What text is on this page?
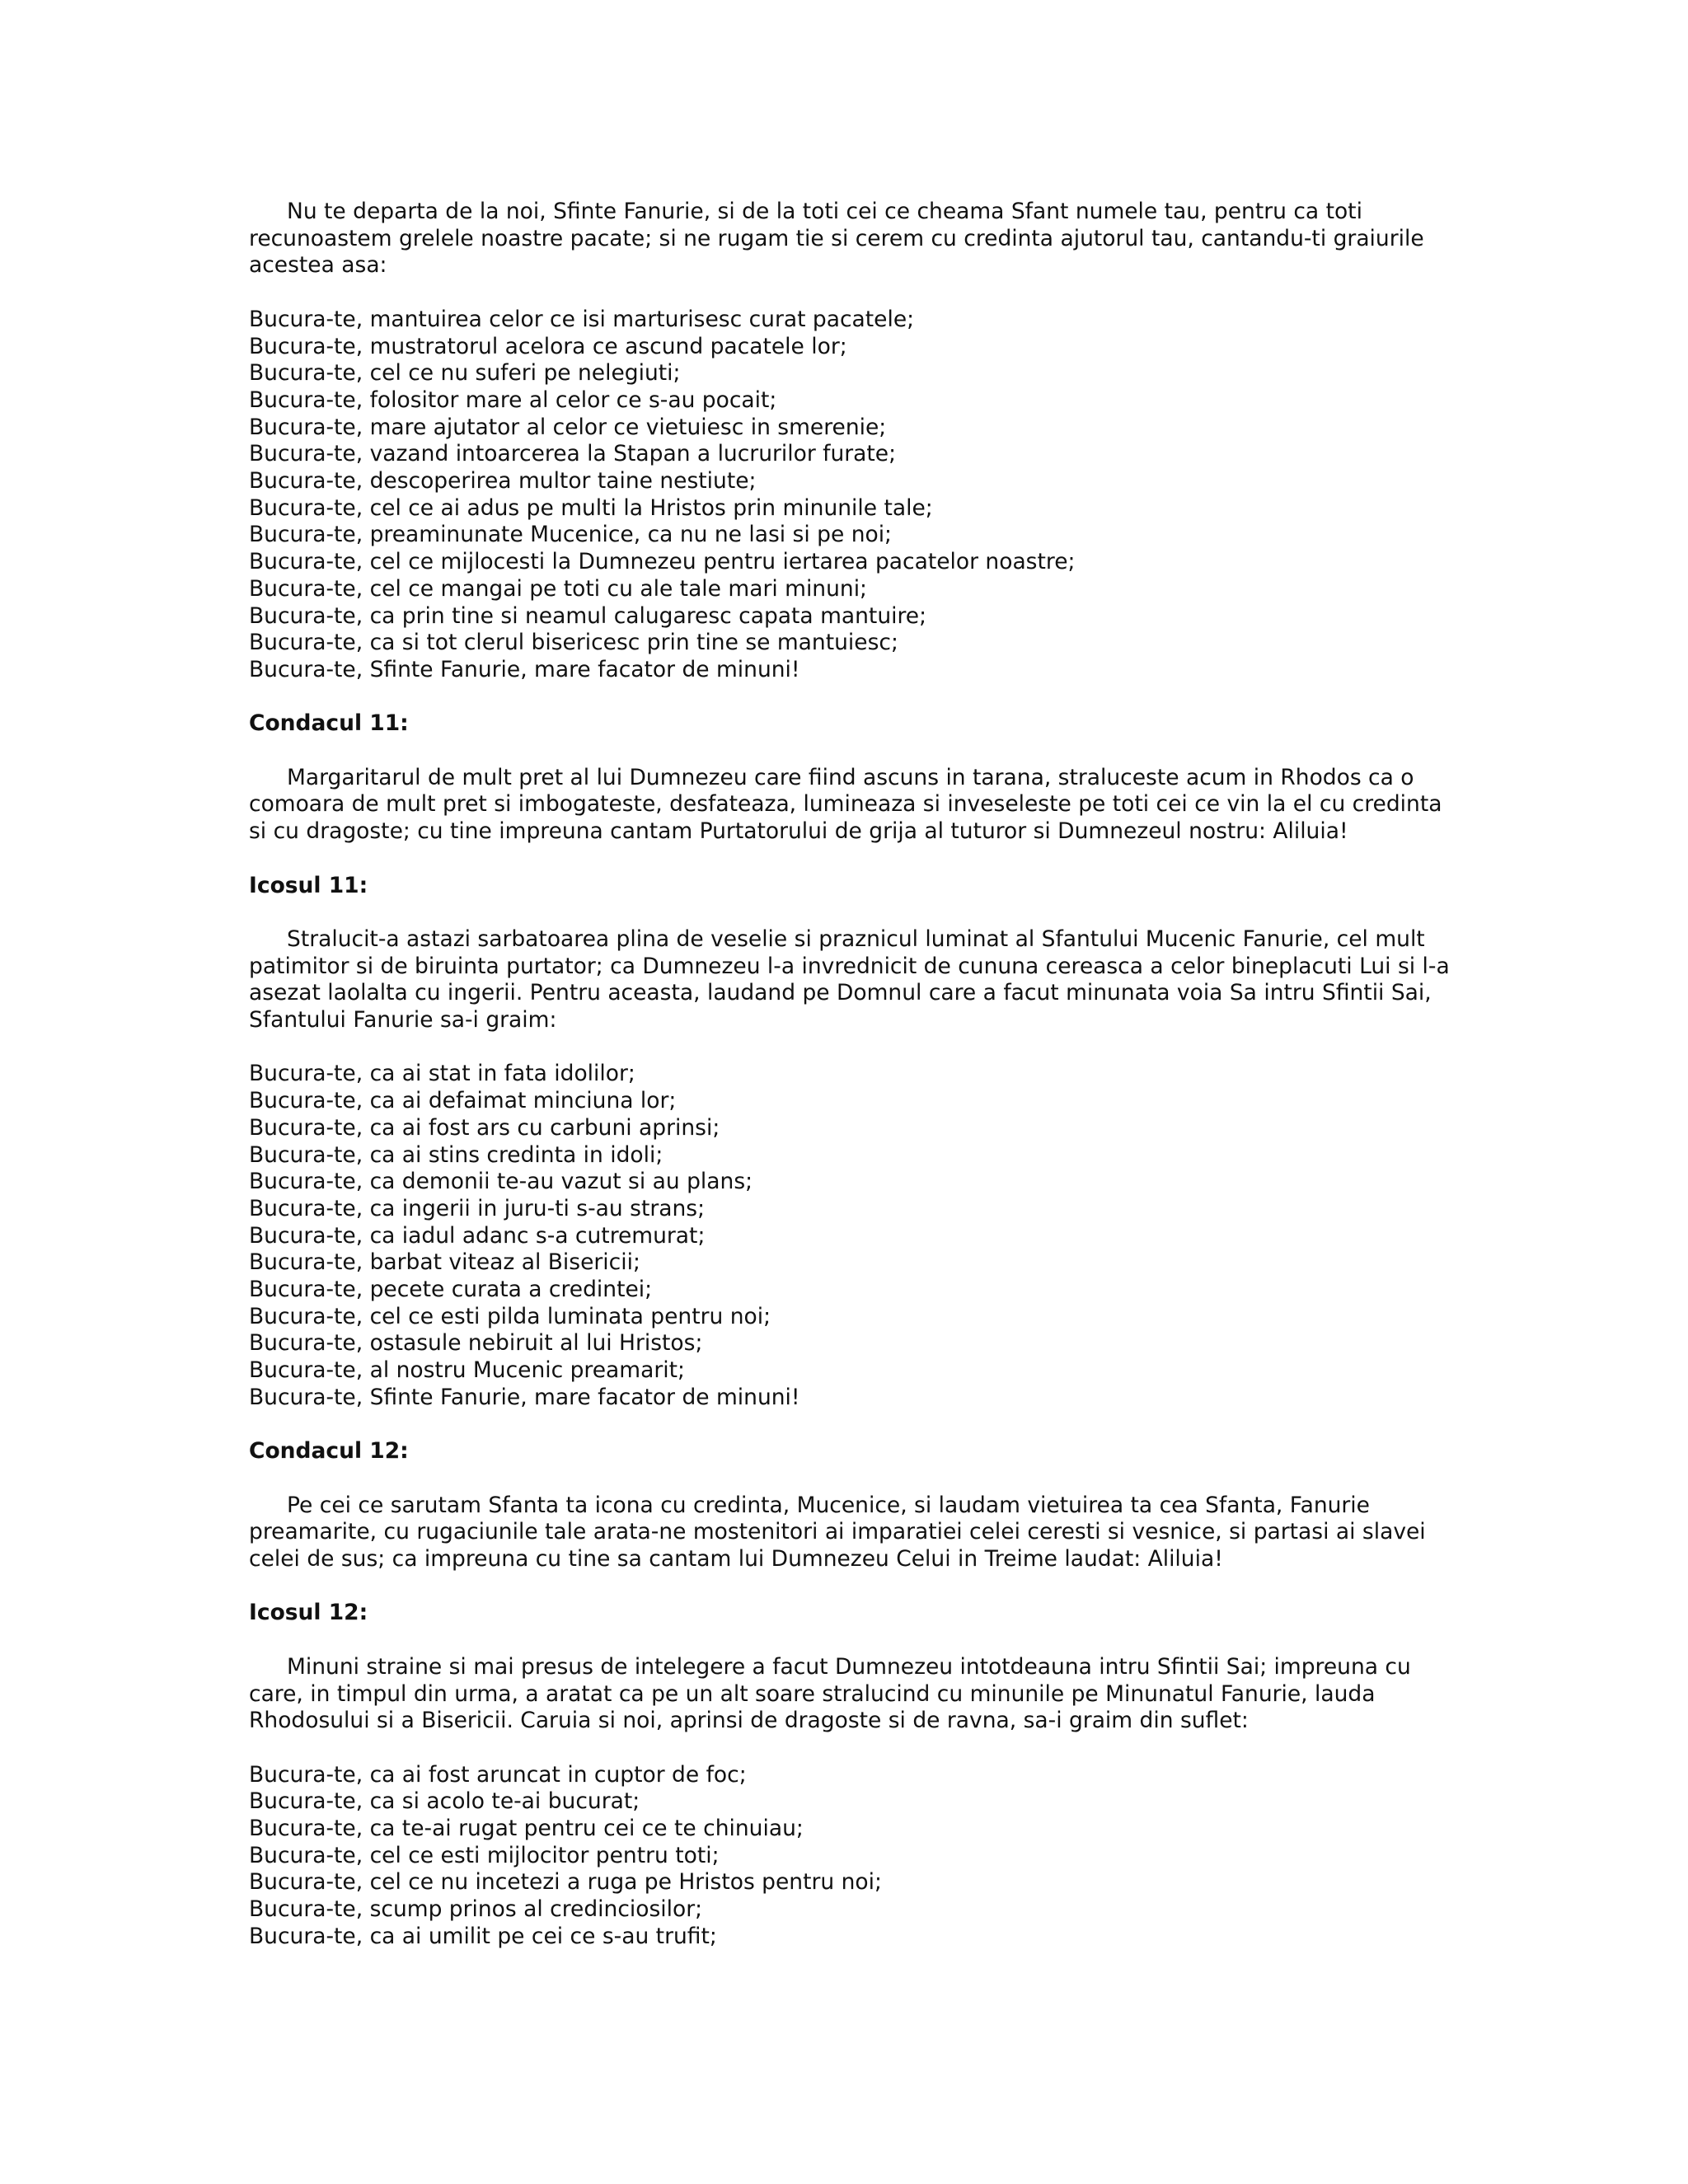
Nu te departa de la noi, Sfinte Fanurie, si de la toti cei ce cheama Sfant numele tau, pentru ca toti recunoastem grelele noastre pacate; si ne rugam tie si cerem cu credinta ajutorul tau, cantandu-ti graiurile acestea asa:

Bucura-te, mantuirea celor ce isi marturisesc curat pacatele;
Bucura-te, mustratorul acelora ce ascund pacatele lor;
Bucura-te, cel ce nu suferi pe nelegiuti;
Bucura-te, folositor mare al celor ce s-au pocait;
Bucura-te, mare ajutator al celor ce vietuiesc in smerenie;
Bucura-te, vazand intoarcerea la Stapan a lucrurilor furate;
Bucura-te, descoperirea multor taine nestiute;
Bucura-te, cel ce ai adus pe multi la Hristos prin minunile tale;
Bucura-te, preaminunate Mucenice, ca nu ne lasi si pe noi;
Bucura-te, cel ce mijlocesti la Dumnezeu pentru iertarea pacatelor noastre;
Bucura-te, cel ce mangai pe toti cu ale tale mari minuni;
Bucura-te, ca prin tine si neamul calugaresc capata mantuire;
Bucura-te, ca si tot clerul bisericesc prin tine se mantuiesc;
Bucura-te, Sfinte Fanurie, mare facator de minuni!

Condacul 11:

Margaritarul de mult pret al lui Dumnezeu care fiind ascuns in tarana, straluceste acum in Rhodos ca o comoara de mult pret si imbogateste, desfateaza, lumineaza si inveseleste pe toti cei ce vin la el cu credinta si cu dragoste; cu tine impreuna cantam Purtatorului de grija al tuturor si Dumnezeul nostru: Aliluia!

Icosul 11:

Stralucit-a astazi sarbatoarea plina de veselie si praznicul luminat al Sfantului Mucenic Fanurie, cel mult patimitor si de biruinta purtator; ca Dumnezeu l-a invrednicit de cununa cereasca a celor bineplacuti Lui si l-a asezat laolalta cu ingerii. Pentru aceasta, laudand pe Domnul care a facut minunata voia Sa intru Sfintii Sai, Sfantului Fanurie sa-i graim:

Bucura-te, ca ai stat in fata idolilor;
Bucura-te, ca ai defaimat minciuna lor;
Bucura-te, ca ai fost ars cu carbuni aprinsi;
Bucura-te, ca ai stins credinta in idoli;
Bucura-te, ca demonii te-au vazut si au plans;
Bucura-te, ca ingerii in juru-ti s-au strans;
Bucura-te, ca iadul adanc s-a cutremurat;
Bucura-te, barbat viteaz al Bisericii;
Bucura-te, pecete curata a credintei;
Bucura-te, cel ce esti pilda luminata pentru noi;
Bucura-te, ostasule nebiruit al lui Hristos;
Bucura-te, al nostru Mucenic preamarit;
Bucura-te, Sfinte Fanurie, mare facator de minuni!

Condacul 12:

Pe cei ce sarutam Sfanta ta icona cu credinta, Mucenice, si laudam vietuirea ta cea Sfanta, Fanurie preamarite, cu rugaciunile tale arata-ne mostenitori ai imparatiei celei ceresti si vesnice, si partasi ai slavei celei de sus; ca impreuna cu tine sa cantam lui Dumnezeu Celui in Treime laudat: Aliluia!

Icosul 12:

Minuni straine si mai presus de intelegere a facut Dumnezeu intotdeauna intru Sfintii Sai; impreuna cu care, in timpul din urma, a aratat ca pe un alt soare stralucind cu minunile pe Minunatul Fanurie, lauda Rhodosului si a Bisericii. Caruia si noi, aprinsi de dragoste si de ravna, sa-i graim din suflet:

Bucura-te, ca ai fost aruncat in cuptor de foc;
Bucura-te, ca si acolo te-ai bucurat;
Bucura-te, ca te-ai rugat pentru cei ce te chinuiau;
Bucura-te, cel ce esti mijlocitor pentru toti;
Bucura-te, cel ce nu incetezi a ruga pe Hristos pentru noi;
Bucura-te, scump prinos al credinciosilor;
Bucura-te, ca ai umilit pe cei ce s-au trufit;
